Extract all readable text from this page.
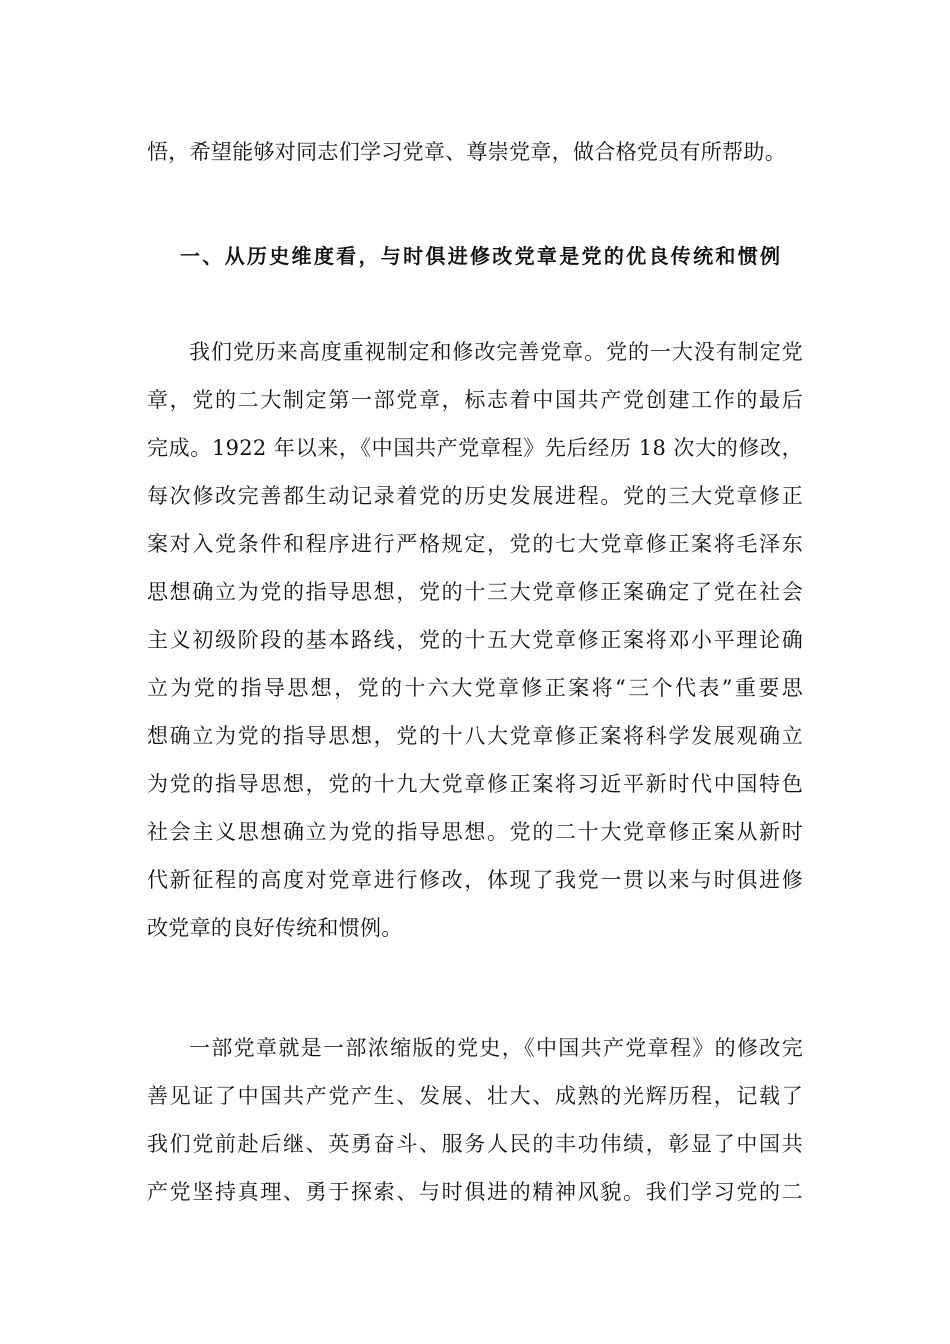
悟，希望能够对同志们学习党章、尊崇党章，做合格党员有所帮助。
一、从历史维度看，与时俱进修改党章是党的优良传统和惯例
我们党历来高度重视制定和修改完善党章。党的一大没有制定党
章，党的二大制定第一部党章，标志着中国共产党创建工作的最后
完成。1922 年以来，《中国共产党章程》先后经历 18 次大的修改，
每次修改完善都生动记录着党的历史发展进程。党的三大党章修正
案对入党条件和程序进行严格规定，党的七大党章修正案将毛泽东
思想确立为党的指导思想，党的十三大党章修正案确定了党在社会
主义初级阶段的基本路线，党的十五大党章修正案将邓小平理论确
立为党的指导思想，党的十六大党章修正案将“三个代表”重要思
想确立为党的指导思想，党的十八大党章修正案将科学发展观确立
为党的指导思想，党的十九大党章修正案将习近平新时代中国特色
社会主义思想确立为党的指导思想。党的二十大党章修正案从新时
代新征程的高度对党章进行修改，体现了我党一贯以来与时俱进修
改党章的良好传统和惯例。
一部党章就是一部浓缩版的党史，《中国共产党章程》的修改完
善见证了中国共产党产生、发展、壮大、成熟的光辉历程，记载了
我们党前赴后继、英勇奋斗、服务人民的丰功伟绩，彰显了中国共
产党坚持真理、勇于探索、与时俱进的精神风貌。我们学习党的二
